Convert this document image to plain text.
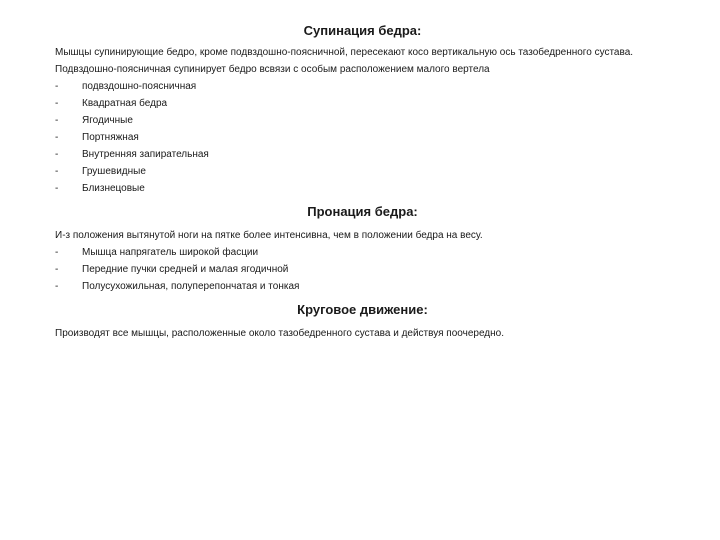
Супинация бедра:

Мышцы супинирующие бедро, кроме подвздошно-поясничной, пересекают косо вертикальную ось тазобедренного сустава. Подвздошно-поясничная супинирует бедро всвязи с особым расположением малого вертела

- подвздошно-поясничная
- Квадратная бедра
- Ягодичные
- Портняжная
- Внутренняя запирательная
- Грушевидные
- Близнецовые
Пронация бедра:

И-з положения вытянутой ноги на пятке более интенсивна, чем в положении бедра на весу.

- Мышца напрягатель широкой фасции
- Передние пучки средней и малая ягодичной
- Полусухожильная, полуперепончатая и тонкая
Круговое движение:

Производят все мышцы, расположенные около тазобедренного сустава и действуя поочередно.
